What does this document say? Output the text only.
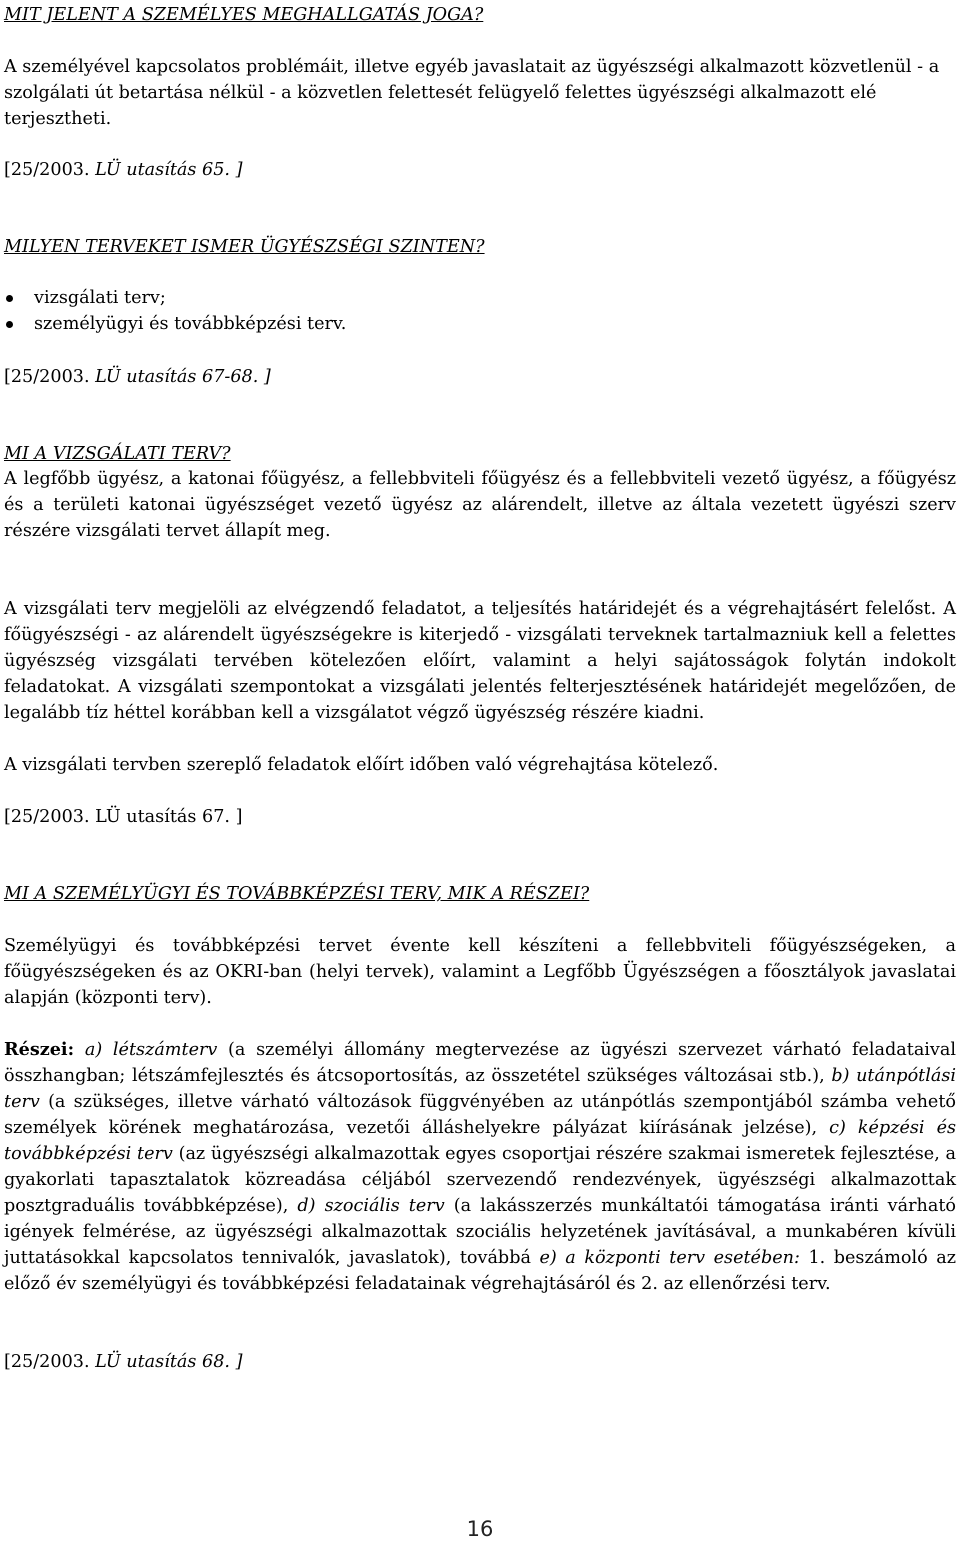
MIT JELENT A SZEMÉLYES MEGHALLGATÁS JOGA?
A személyével kapcsolatos problémáit, illetve egyéb javaslatait az ügyészségi alkalmazott közvetlenül - a szolgálati út betartása nélkül - a közvetlen felettesét felügyelő felettes ügyészségi alkalmazott elé terjesztheti.
[25/2003. LÜ utasítás 65. ]
MILYEN TERVEKET ISMER ÜGYÉSZSÉGI SZINTEN?
vizsgálati terv;
személyügyi és továbbképzési terv.
[25/2003. LÜ utasítás 67-68. ]
MI A VIZSGÁLATI TERV?
A legfőbb ügyész, a katonai főügyész, a fellebbviteli főügyész és a fellebbviteli vezető ügyész, a főügyész és a területi katonai ügyészséget vezető ügyész az alárendelt, illetve az általa vezetett ügyészi szerv részére vizsgálati tervet állapít meg.
A vizsgálati terv megjelöli az elvégzendő feladatot, a teljesítés határidejét és a végrehajtásért felelőst. A főügyészségi - az alárendelt ügyészségekre is kiterjedő - vizsgálati terveknek tartalmazniuk kell a felettes ügyészség vizsgálati tervében kötelezően előírt, valamint a helyi sajátosságok folytán indokolt feladatokat. A vizsgálati szempontokat a vizsgálati jelentés felterjesztésének határidejét megelőzően, de legalább tíz héttel korábban kell a vizsgálatot végző ügyészség részére kiadni.
A vizsgálati tervben szereplő feladatok előírt időben való végrehajtása kötelező.
[25/2003. LÜ utasítás 67. ]
MI A SZEMÉLYÜGYI ÉS TOVÁBBKÉPZÉSI TERV, MIK A RÉSZEI?
Személyügyi és továbbképzési tervet évente kell készíteni a fellebbviteli főügyészségeken, a főügyészségeken és az OKRI-ban (helyi tervek), valamint a Legfőbb Ügyészségen a főosztályok javaslatai alapján (központi terv).
Részei: a) létszámterv (a személyi állomány megtervezése az ügyészi szervezet várható feladataival összhangban; létszámfejlesztés és átcsoportosítás, az összetétel szükséges változásai stb.), b) utánpótlási terv (a szükséges, illetve várható változások függvényében az utánpótlás szempontjából számba vehető személyek körének meghatározása, vezetői álláshelyekre pályázat kiírásának jelzése), c) képzési és továbbképzési terv (az ügyészségi alkalmazottak egyes csoportjai részére szakmai ismeretek fejlesztése, a gyakorlati tapasztalatok közreadása céljából szervezendő rendezvények, ügyészségi alkalmazottak posztgraduális továbbképzése), d) szociális terv (a lakásszerzés munkáltatói támogatása iránti várható igények felmérése, az ügyészségi alkalmazottak szociális helyzetének javításával, a munkabéren kívüli juttatásokkal kapcsolatos tennivalók, javaslatok), továbbá e) a központi terv esetében: 1. beszámoló az előző év személyügyi és továbbképzési feladatainak végrehajtásáról és 2. az ellenőrzési terv.
[25/2003. LÜ utasítás 68. ]
16
